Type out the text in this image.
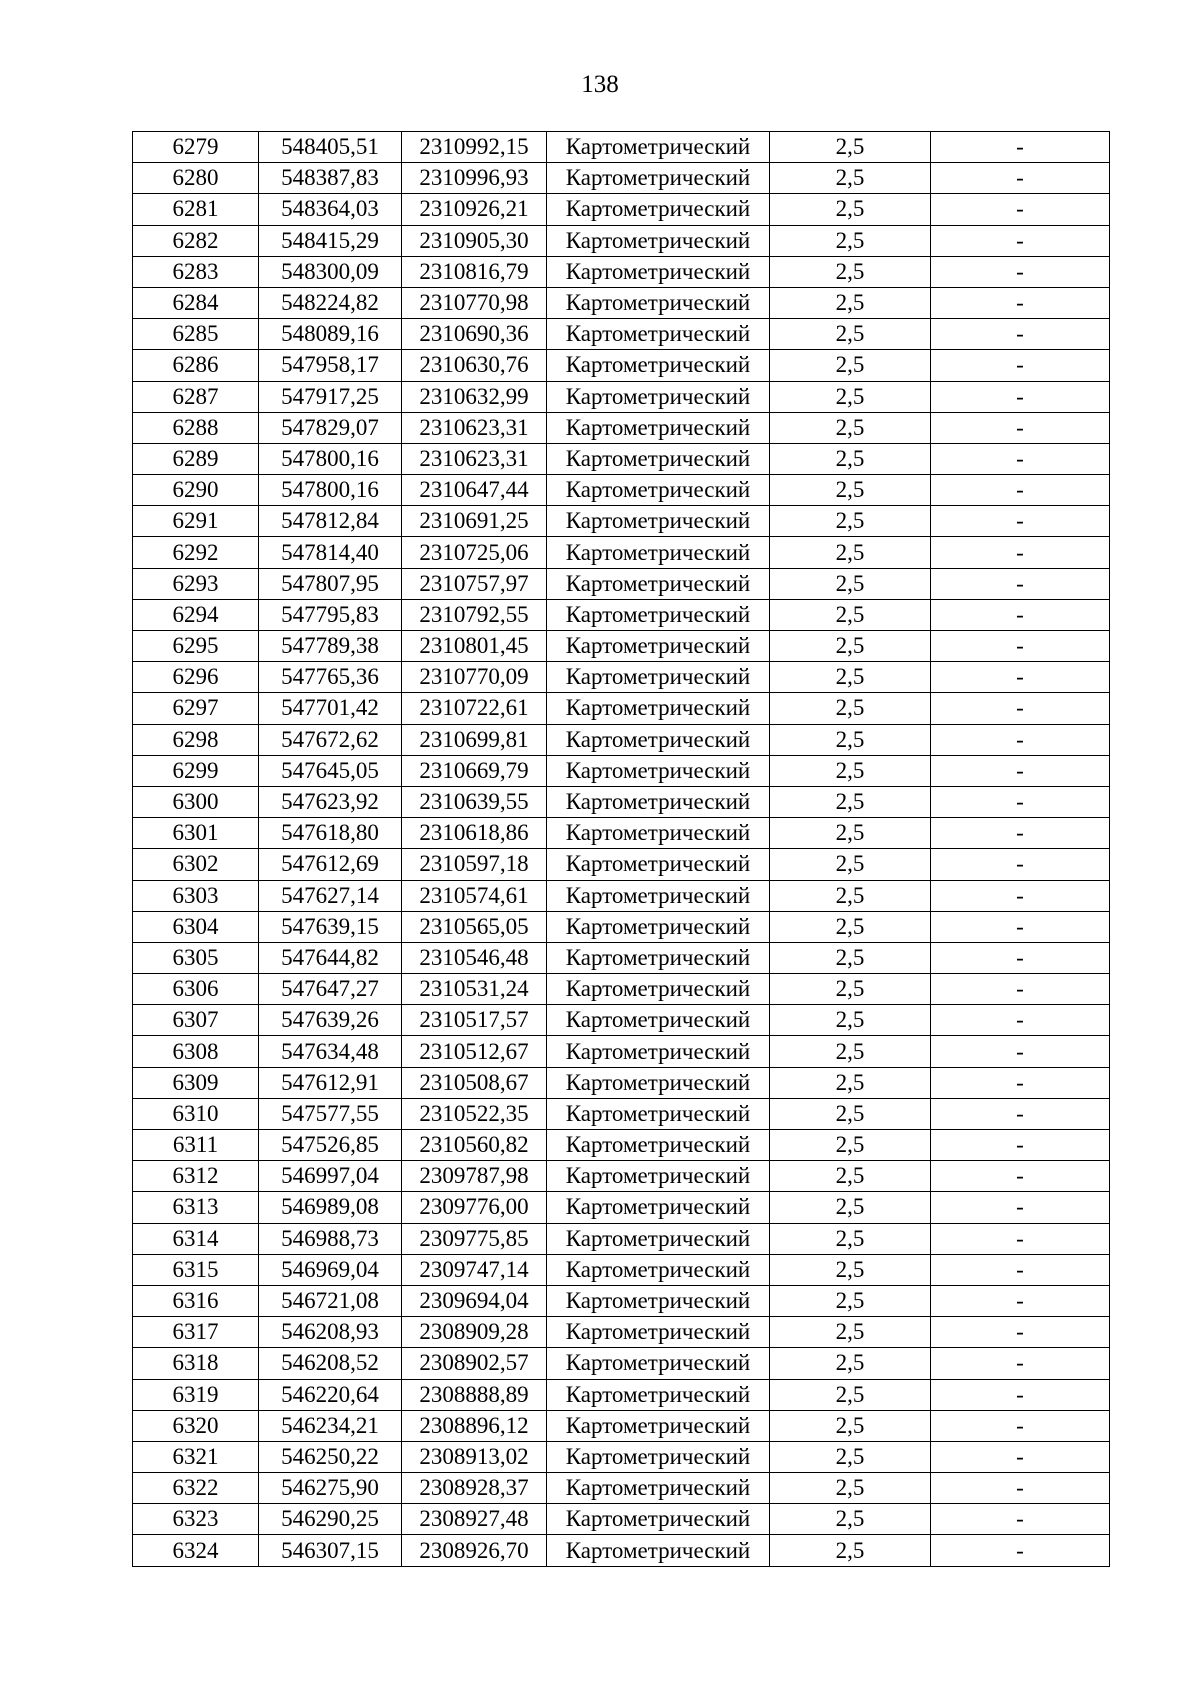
138
6279	548405,51	2310992,15	Картометрический	2,5	-
6280	548387,83	2310996,93	Картометрический	2,5	-
6281	548364,03	2310926,21	Картометрический	2,5	-
6282	548415,29	2310905,30	Картометрический	2,5	-
6283	548300,09	2310816,79	Картометрический	2,5	-
6284	548224,82	2310770,98	Картометрический	2,5	-
6285	548089,16	2310690,36	Картометрический	2,5	-
6286	547958,17	2310630,76	Картометрический	2,5	-
6287	547917,25	2310632,99	Картометрический	2,5	-
6288	547829,07	2310623,31	Картометрический	2,5	-
6289	547800,16	2310623,31	Картометрический	2,5	-
6290	547800,16	2310647,44	Картометрический	2,5	-
6291	547812,84	2310691,25	Картометрический	2,5	-
6292	547814,40	2310725,06	Картометрический	2,5	-
6293	547807,95	2310757,97	Картометрический	2,5	-
6294	547795,83	2310792,55	Картометрический	2,5	-
6295	547789,38	2310801,45	Картометрический	2,5	-
6296	547765,36	2310770,09	Картометрический	2,5	-
6297	547701,42	2310722,61	Картометрический	2,5	-
6298	547672,62	2310699,81	Картометрический	2,5	-
6299	547645,05	2310669,79	Картометрический	2,5	-
6300	547623,92	2310639,55	Картометрический	2,5	-
6301	547618,80	2310618,86	Картометрический	2,5	-
6302	547612,69	2310597,18	Картометрический	2,5	-
6303	547627,14	2310574,61	Картометрический	2,5	-
6304	547639,15	2310565,05	Картометрический	2,5	-
6305	547644,82	2310546,48	Картометрический	2,5	-
6306	547647,27	2310531,24	Картометрический	2,5	-
6307	547639,26	2310517,57	Картометрический	2,5	-
6308	547634,48	2310512,67	Картометрический	2,5	-
6309	547612,91	2310508,67	Картометрический	2,5	-
6310	547577,55	2310522,35	Картометрический	2,5	-
6311	547526,85	2310560,82	Картометрический	2,5	-
6312	546997,04	2309787,98	Картометрический	2,5	-
6313	546989,08	2309776,00	Картометрический	2,5	-
6314	546988,73	2309775,85	Картометрический	2,5	-
6315	546969,04	2309747,14	Картометрический	2,5	-
6316	546721,08	2309694,04	Картометрический	2,5	-
6317	546208,93	2308909,28	Картометрический	2,5	-
6318	546208,52	2308902,57	Картометрический	2,5	-
6319	546220,64	2308888,89	Картометрический	2,5	-
6320	546234,21	2308896,12	Картометрический	2,5	-
6321	546250,22	2308913,02	Картометрический	2,5	-
6322	546275,90	2308928,37	Картометрический	2,5	-
6323	546290,25	2308927,48	Картометрический	2,5	-
6324	546307,15	2308926,70	Картометрический	2,5	-
